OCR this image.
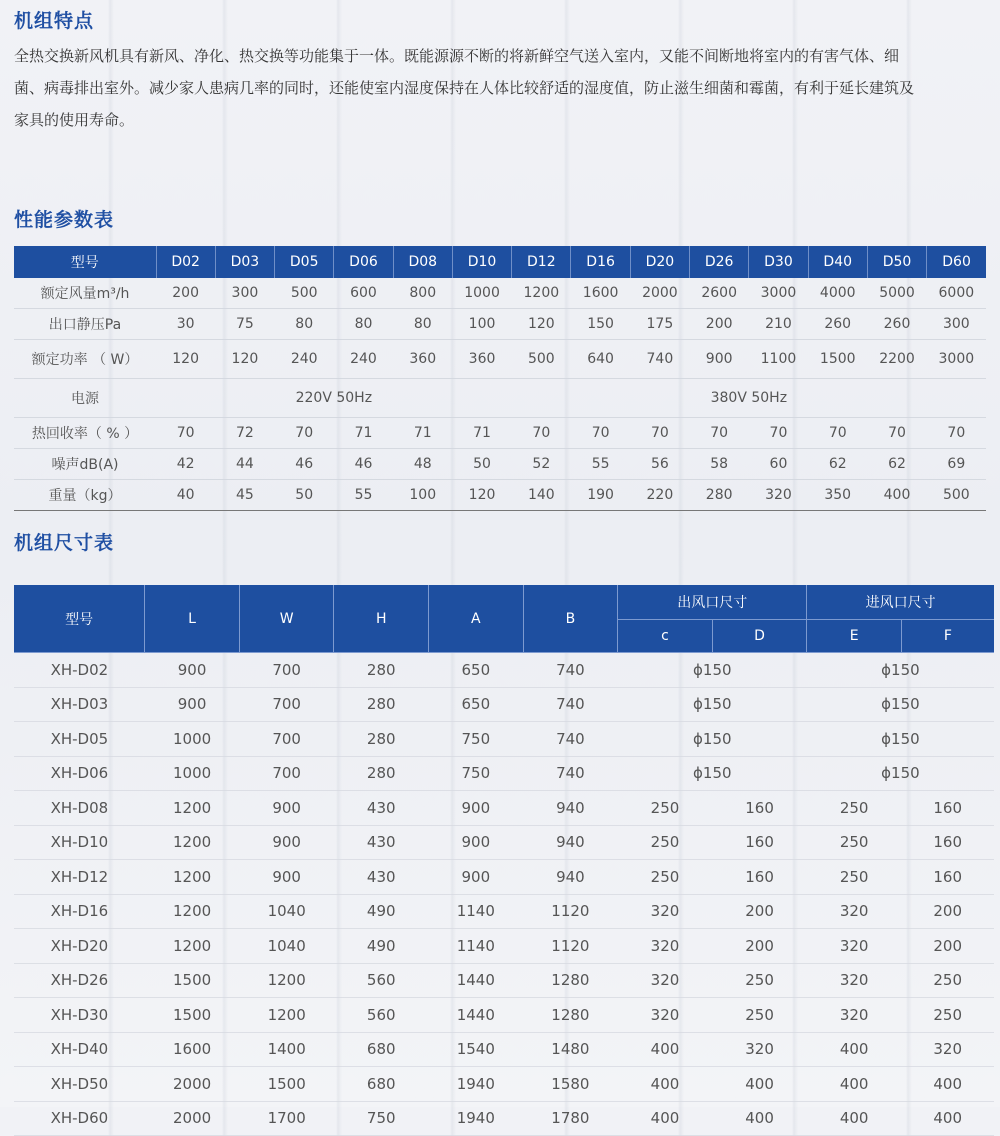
机组特点

全热交换新风机具有新风、净化、热交换等功能集于一体。既能源源不断的将新鲜空气送入室内，又能不间断地将室内的有害气体、细菌、病毒排出室外。减少家人患病几率的同时，还能使室内湿度保持在人体比较舒适的湿度值，防止滋生细菌和霉菌，有利于延长建筑及家具的使用寿命。

性能参数表
型号	D02	D03	D05	D06	D08	D10	D12	D16	D20	D26	D30	D40	D50	D60
额定风量m³/h	200	300	500	600	800	1000	1200	1600	2000	2600	3000	4000	5000	6000
出口静压Pa	30	75	80	80	80	100	120	150	175	200	210	260	260	300
额定功率 （ W）	120	120	240	240	360	360	500	640	740	900	1100	1500	2200	3000
电源	220V 50Hz						380V 50Hz							
热回收率（ % ）	70	72	70	71	71	71	70	70	70	70	70	70	70	70
噪声dB(A)	42	44	46	46	48	50	52	55	56	58	60	62	62	69
重量（kg）	40	45	50	55	100	120	140	190	220	280	320	350	400	500
机组尺寸表
型号	L	W	H	A	B	出风口尺寸		进风口尺寸	
						c	D	E	F
XH-D02	900	700	280	650	740	ϕ150		ϕ150	
XH-D03	900	700	280	650	740	ϕ150		ϕ150	
XH-D05	1000	700	280	750	740	ϕ150		ϕ150	
XH-D06	1000	700	280	750	740	ϕ150		ϕ150	
XH-D08	1200	900	430	900	940	250	160	250	160
XH-D10	1200	900	430	900	940	250	160	250	160
XH-D12	1200	900	430	900	940	250	160	250	160
XH-D16	1200	1040	490	1140	1120	320	200	320	200
XH-D20	1200	1040	490	1140	1120	320	200	320	200
XH-D26	1500	1200	560	1440	1280	320	250	320	250
XH-D30	1500	1200	560	1440	1280	320	250	320	250
XH-D40	1600	1400	680	1540	1480	400	320	400	320
XH-D50	2000	1500	680	1940	1580	400	400	400	400
XH-D60	2000	1700	750	1940	1780	400	400	400	400
